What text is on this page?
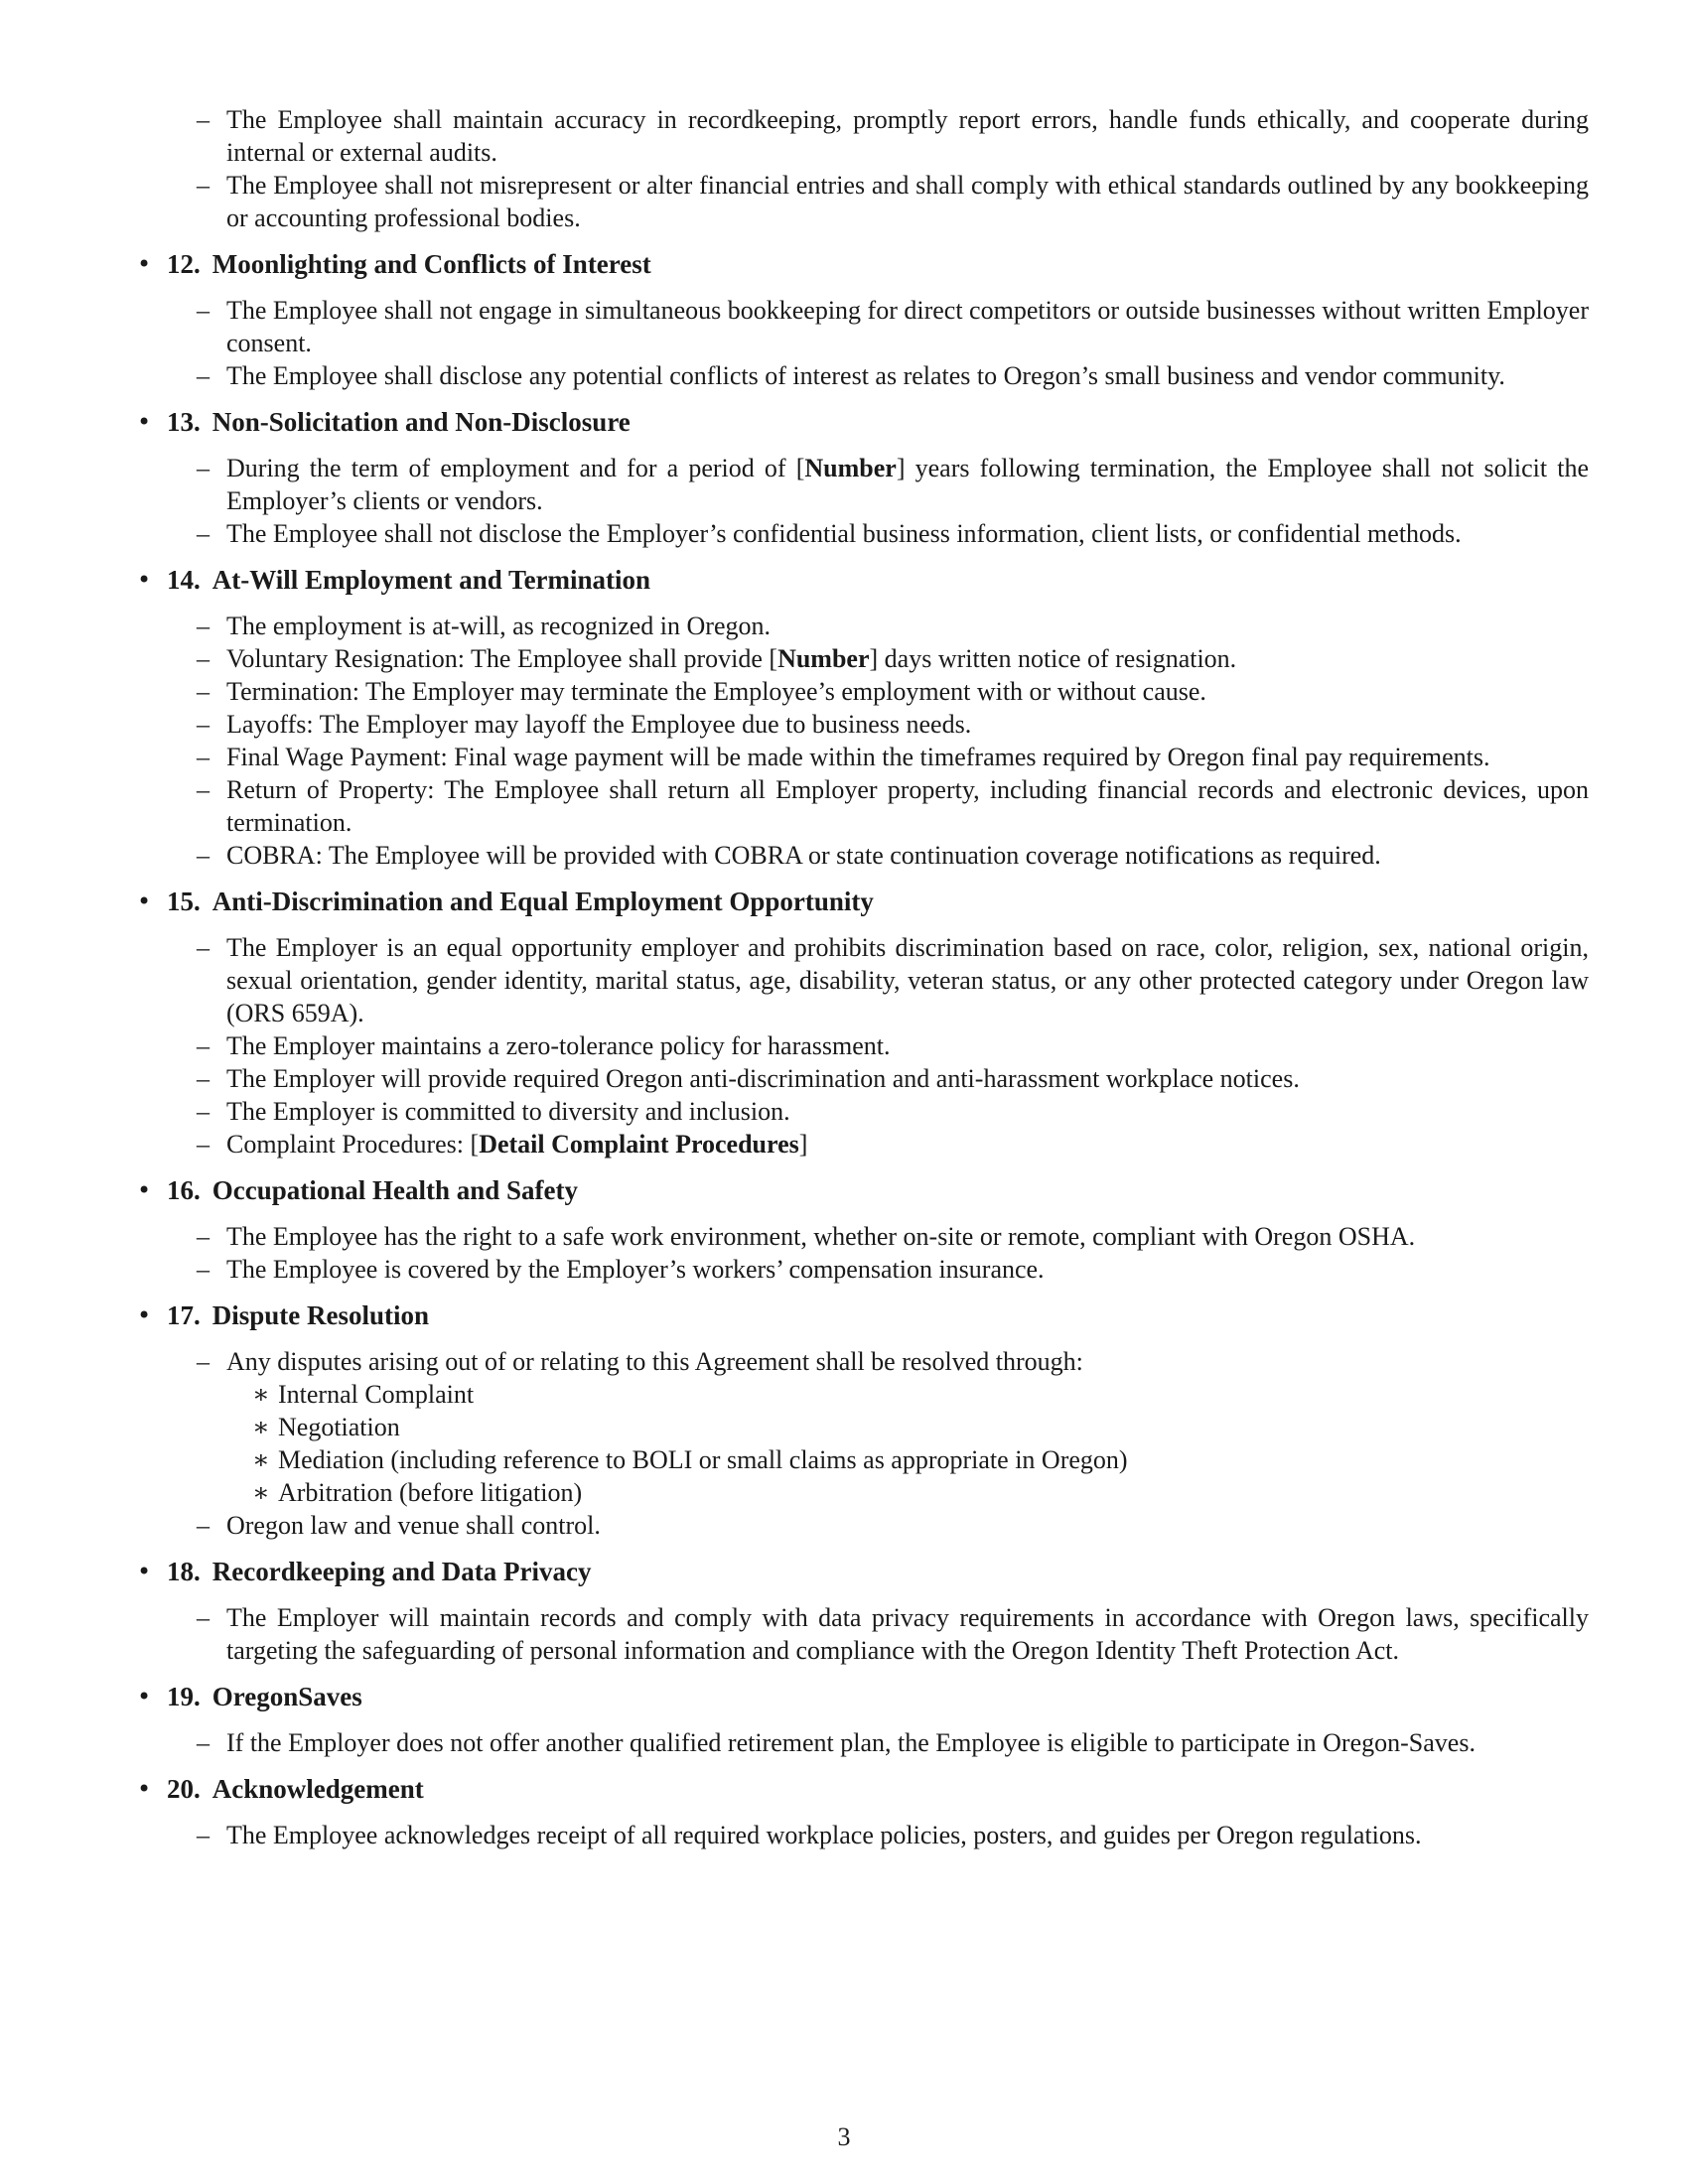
– The Employee shall maintain accuracy in recordkeeping, promptly report errors, handle funds ethically, and cooperate during internal or external audits.
– The Employee shall not misrepresent or alter financial entries and shall comply with ethical standards outlined by any bookkeeping or accounting professional bodies.
• 12. Moonlighting and Conflicts of Interest
– The Employee shall not engage in simultaneous bookkeeping for direct competitors or outside businesses without written Employer consent.
– The Employee shall disclose any potential conflicts of interest as relates to Oregon’s small business and vendor community.
• 13. Non-Solicitation and Non-Disclosure
– During the term of employment and for a period of [Number] years following termination, the Employee shall not solicit the Employer’s clients or vendors.
– The Employee shall not disclose the Employer’s confidential business information, client lists, or confidential methods.
• 14. At-Will Employment and Termination
– The employment is at-will, as recognized in Oregon.
– Voluntary Resignation: The Employee shall provide [Number] days written notice of resignation.
– Termination: The Employer may terminate the Employee’s employment with or without cause.
– Layoffs: The Employer may layoff the Employee due to business needs.
– Final Wage Payment: Final wage payment will be made within the timeframes required by Oregon final pay requirements.
– Return of Property: The Employee shall return all Employer property, including financial records and electronic devices, upon termination.
– COBRA: The Employee will be provided with COBRA or state continuation coverage notifications as required.
• 15. Anti-Discrimination and Equal Employment Opportunity
– The Employer is an equal opportunity employer and prohibits discrimination based on race, color, religion, sex, national origin, sexual orientation, gender identity, marital status, age, disability, veteran status, or any other protected category under Oregon law (ORS 659A).
– The Employer maintains a zero-tolerance policy for harassment.
– The Employer will provide required Oregon anti-discrimination and anti-harassment workplace notices.
– The Employer is committed to diversity and inclusion.
– Complaint Procedures: [Detail Complaint Procedures]
• 16. Occupational Health and Safety
– The Employee has the right to a safe work environment, whether on-site or remote, compliant with Oregon OSHA.
– The Employee is covered by the Employer’s workers’ compensation insurance.
• 17. Dispute Resolution
– Any disputes arising out of or relating to this Agreement shall be resolved through:
∗ Internal Complaint
∗ Negotiation
∗ Mediation (including reference to BOLI or small claims as appropriate in Oregon)
∗ Arbitration (before litigation)
– Oregon law and venue shall control.
• 18. Recordkeeping and Data Privacy
– The Employer will maintain records and comply with data privacy requirements in accordance with Oregon laws, specifically targeting the safeguarding of personal information and compliance with the Oregon Identity Theft Protection Act.
• 19. OregonSaves
– If the Employer does not offer another qualified retirement plan, the Employee is eligible to participate in Oregon-Saves.
• 20. Acknowledgement
– The Employee acknowledges receipt of all required workplace policies, posters, and guides per Oregon regulations.
3
